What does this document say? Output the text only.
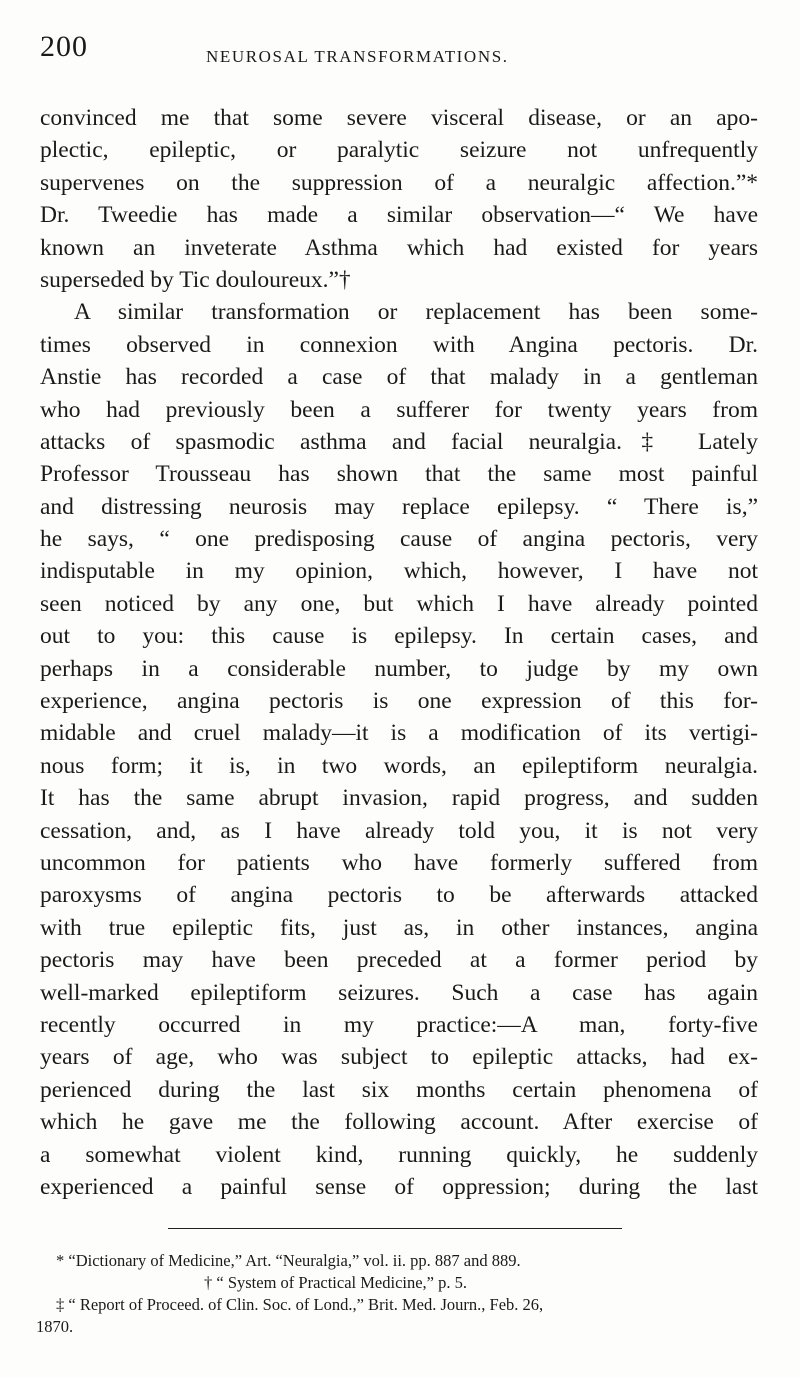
200	NEUROSAL TRANSFORMATIONS.
convinced me that some severe visceral disease, or an apo-
plectic, epileptic, or paralytic seizure not unfrequently
supervenes on the suppression of a neuralgic affection.”*
Dr. Tweedie has made a similar observation—“ We have
known an inveterate Asthma which had existed for years
superseded by Tic douloureux.”†
A similar transformation or replacement has been some-
times observed in connexion with Angina pectoris. Dr.
Anstie has recorded a case of that malady in a gentleman
who had previously been a sufferer for twenty years from
attacks of spasmodic asthma and facial neuralgia.‡ Lately
Professor Trousseau has shown that the same most painful
and distressing neurosis may replace epilepsy. “ There is,”
he says, “ one predisposing cause of angina pectoris, very
indisputable in my opinion, which, however, I have not
seen noticed by any one, but which I have already pointed
out to you: this cause is epilepsy. In certain cases, and
perhaps in a considerable number, to judge by my own
experience, angina pectoris is one expression of this for-
midable and cruel malady—it is a modification of its vertigi-
nous form; it is, in two words, an epileptiform neuralgia.
It has the same abrupt invasion, rapid progress, and sudden
cessation, and, as I have already told you, it is not very
uncommon for patients who have formerly suffered from
paroxysms of angina pectoris to be afterwards attacked
with true epileptic fits, just as, in other instances, angina
pectoris may have been preceded at a former period by
well-marked epileptiform seizures. Such a case has again
recently occurred in my practice:—A man, forty-five
years of age, who was subject to epileptic attacks, had ex-
perienced during the last six months certain phenomena of
which he gave me the following account. After exercise of
a somewhat violent kind, running quickly, he suddenly
experienced a painful sense of oppression; during the last
* “Dictionary of Medicine,” Art. “Neuralgia,” vol. ii. pp. 887 and 889.
† “ System of Practical Medicine,” p. 5.
‡ “ Report of Proceed. of Clin. Soc. of Lond.,” Brit. Med. Journ., Feb. 26,
1870.
